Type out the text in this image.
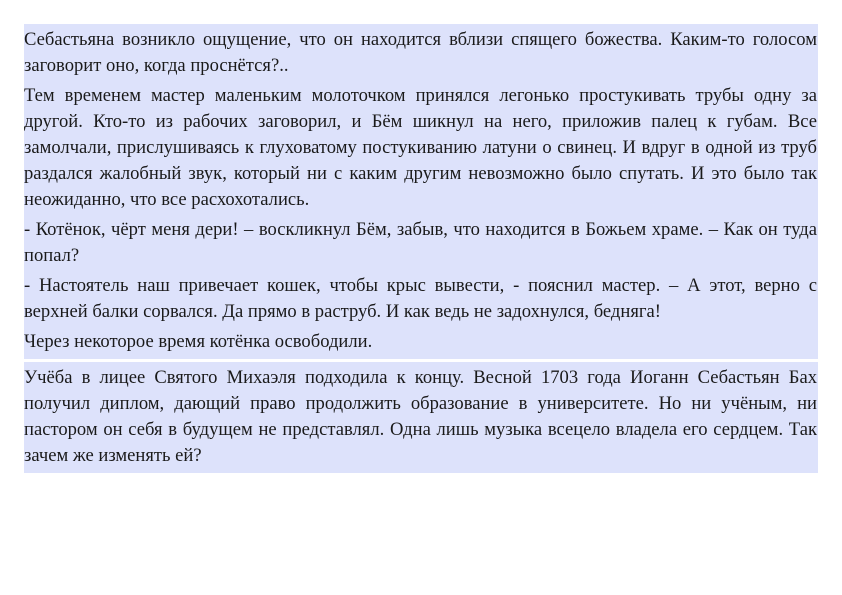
Себастьяна возникло ощущение, что он находится вблизи спящего божества. Каким-то голосом заговорит оно, когда проснётся?..

Тем временем мастер маленьким молоточком принялся легонько простукивать трубы одну за другой. Кто-то из рабочих заговорил, и Бём шикнул на него, приложив палец к губам. Все замолчали, прислушиваясь к глуховатому постукиванию латуни о свинец. И вдруг в одной из труб раздался жалобный звук, который ни с каким другим невозможно было спутать. И это было так неожиданно, что все расхохотались.

- Котёнок, чёрт меня дери! – воскликнул Бём, забыв, что находится в Божьем храме. – Как он туда попал?

- Настоятель наш привечает кошек, чтобы крыс вывести, - пояснил мастер. – А этот, верно с верхней балки сорвался. Да прямо в раструб. И как ведь не задохнулся, бедняга!

Через некоторое время котёнка освободили.

Учёба в лицее Святого Михаэля подходила к концу. Весной 1703 года Иоганн Себастьян Бах получил диплом, дающий право продолжить образование в университете. Но ни учёным, ни пастором он себя в будущем не представлял. Одна лишь музыка всецело владела его сердцем. Так зачем же изменять ей?
